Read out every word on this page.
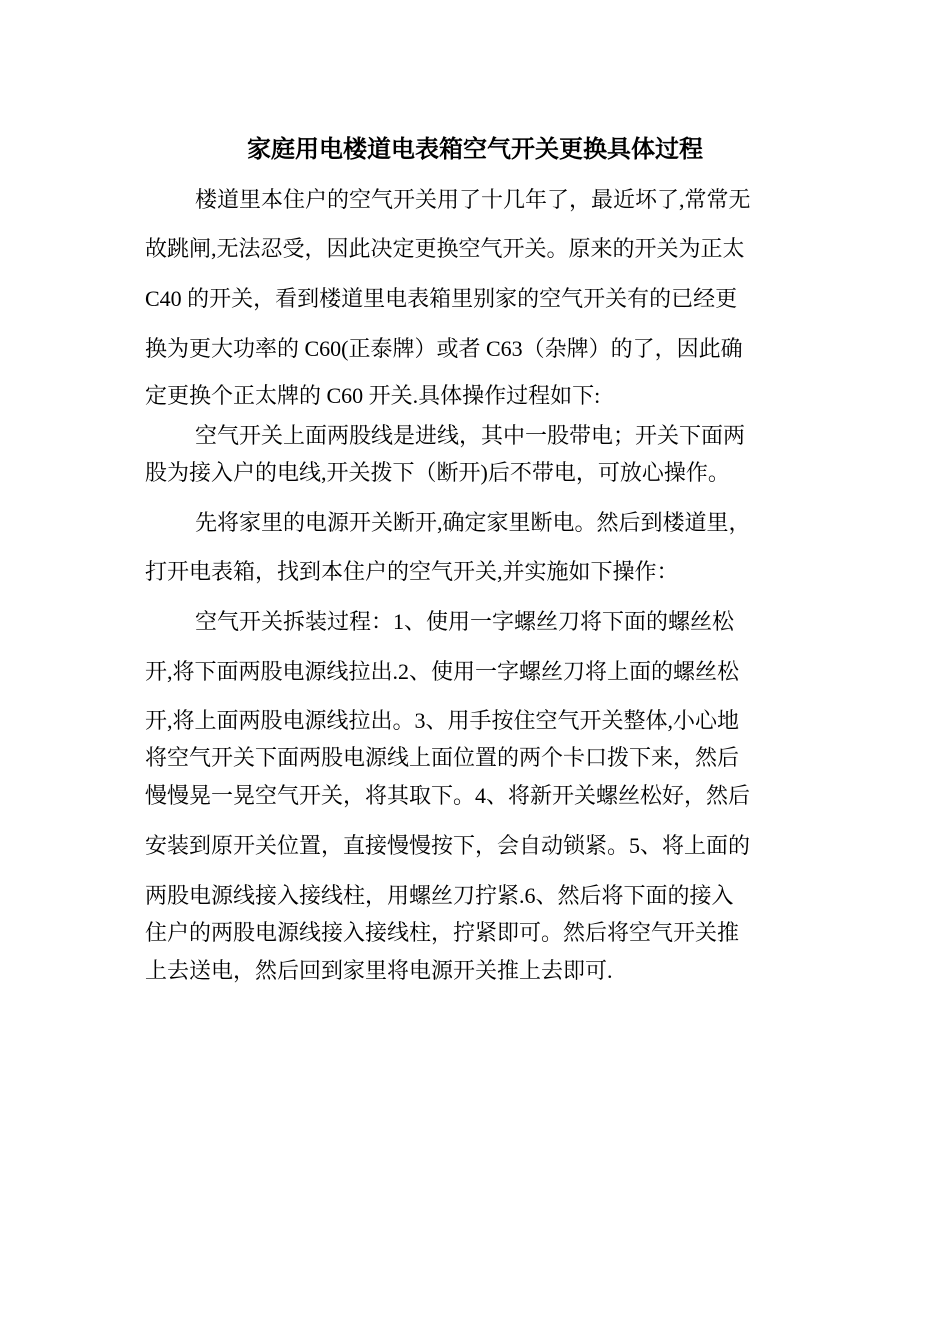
家庭用电楼道电表箱空气开关更换具体过程
楼道里本住户的空气开关用了十几年了，最近坏了,常常无
故跳闸,无法忍受，因此决定更换空气开关。原来的开关为正太
C40 的开关，看到楼道里电表箱里别家的空气开关有的已经更
换为更大功率的 C60(正泰牌）或者 C63（杂牌）的了，因此确
定更换个正太牌的 C60 开关.具体操作过程如下:
空气开关上面两股线是进线，其中一股带电；开关下面两
股为接入户的电线,开关拨下（断开)后不带电，可放心操作。
先将家里的电源开关断开,确定家里断电。然后到楼道里，
打开电表箱，找到本住户的空气开关,并实施如下操作：
空气开关拆装过程：1、使用一字螺丝刀将下面的螺丝松
开,将下面两股电源线拉出.2、使用一字螺丝刀将上面的螺丝松
开,将上面两股电源线拉出。3、用手按住空气开关整体,小心地
将空气开关下面两股电源线上面位置的两个卡口拨下来，然后
慢慢晃一晃空气开关，将其取下。4、将新开关螺丝松好，然后
安装到原开关位置，直接慢慢按下，会自动锁紧。5、将上面的
两股电源线接入接线柱，用螺丝刀拧紧.6、然后将下面的接入
住户的两股电源线接入接线柱，拧紧即可。然后将空气开关推
上去送电，然后回到家里将电源开关推上去即可.
